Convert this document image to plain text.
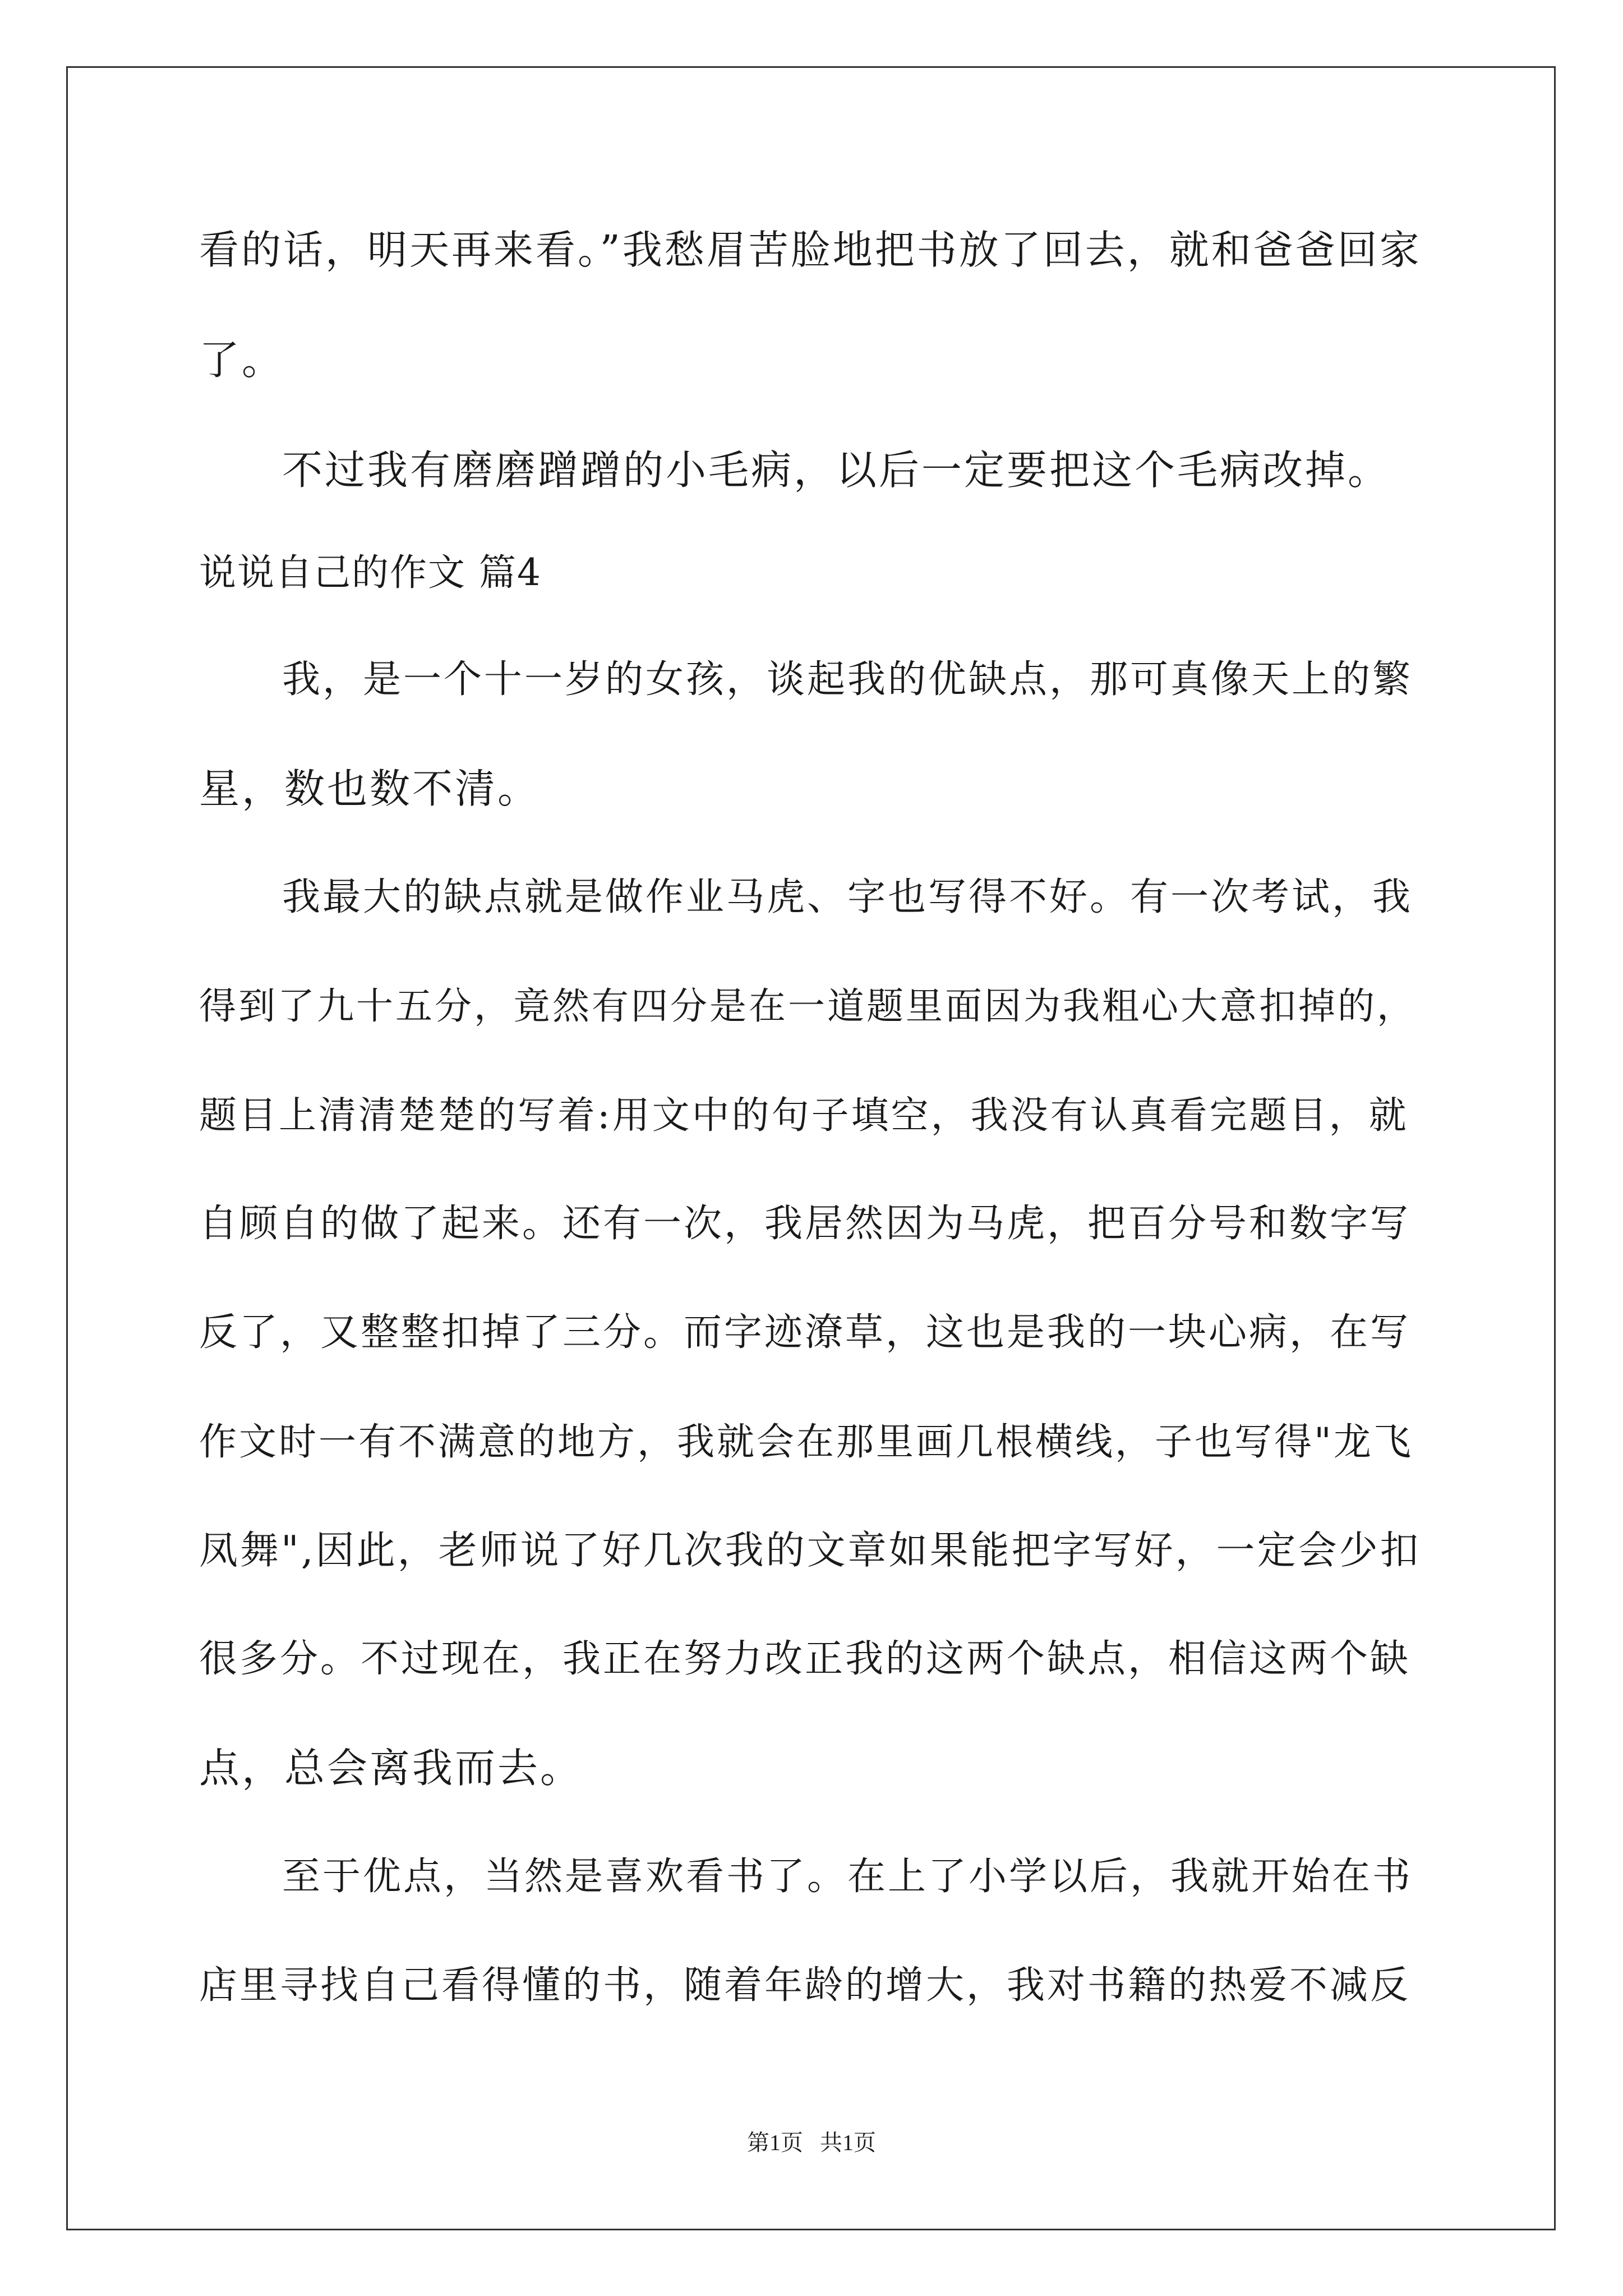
看的话，明天再来看。”我愁眉苦脸地把书放了回去，就和爸爸回家
了。
不过我有磨磨蹭蹭的小毛病，以后一定要把这个毛病改掉。
说说自己的作文 篇4
我，是一个十一岁的女孩，谈起我的优缺点，那可真像天上的繁
星，数也数不清。
我最大的缺点就是做作业马虎、字也写得不好。有一次考试，我
得到了九十五分，竟然有四分是在一道题里面因为我粗心大意扣掉的，
题目上清清楚楚的写着:用文中的句子填空，我没有认真看完题目，就
自顾自的做了起来。还有一次，我居然因为马虎，把百分号和数字写
反了，又整整扣掉了三分。而字迹潦草，这也是我的一块心病，在写
作文时一有不满意的地方，我就会在那里画几根横线，子也写得"龙飞
凤舞",因此，老师说了好几次我的文章如果能把字写好，一定会少扣
很多分。不过现在，我正在努力改正我的这两个缺点，相信这两个缺
点，总会离我而去。
至于优点，当然是喜欢看书了。在上了小学以后，我就开始在书
店里寻找自己看得懂的书，随着年龄的增大，我对书籍的热爱不减反
第1页   共1页
